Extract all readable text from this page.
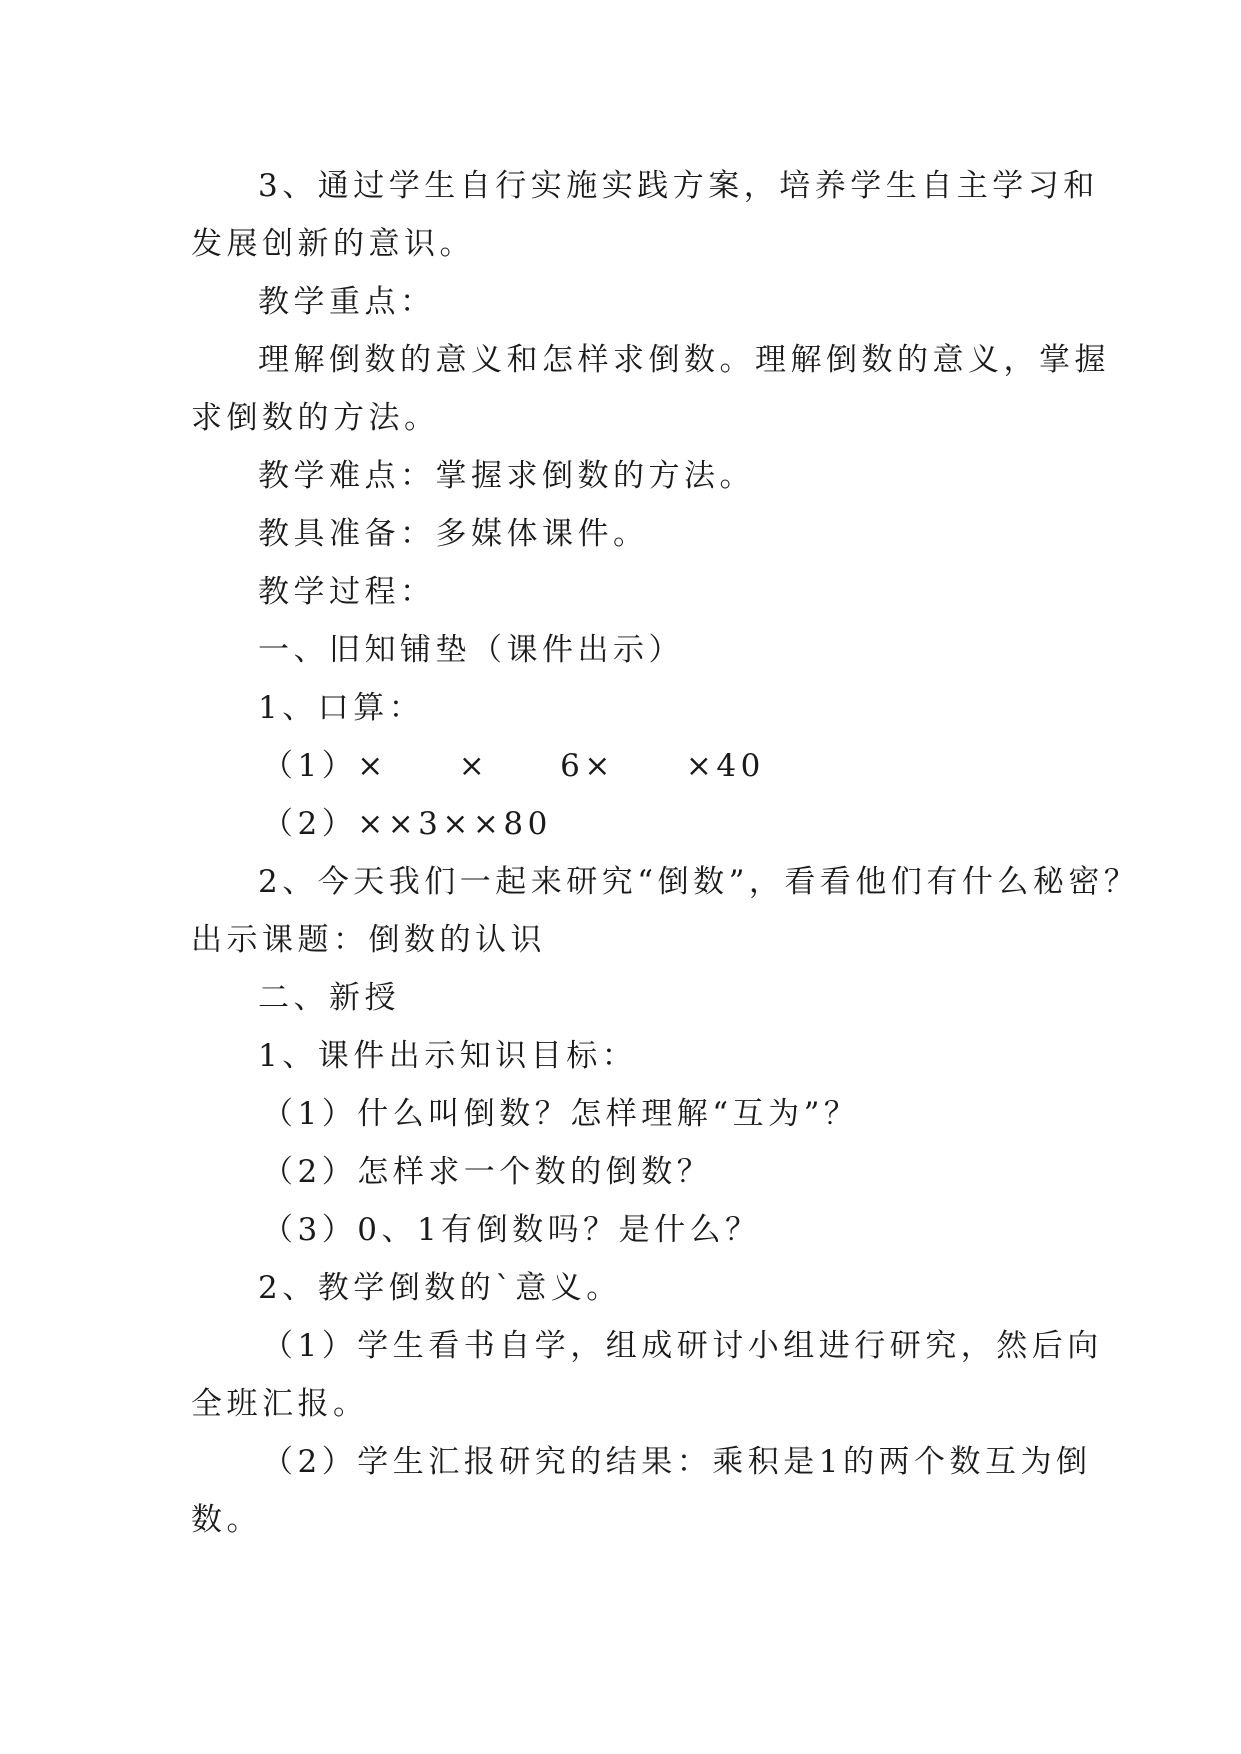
3、通过学生自行实施实践方案，培养学生自主学习和
发展创新的意识。
教学重点：
理解倒数的意义和怎样求倒数。理解倒数的意义，掌握
求倒数的方法。
教学难点：掌握求倒数的方法。
教具准备：多媒体课件。
教学过程：
一、旧知铺垫（课件出示）
1、口算：
（1）×　　×　　6×　　×40
（2）××3××80
2、今天我们一起来研究“倒数”，看看他们有什么秘密？
出示课题：倒数的认识
二、新授
1、课件出示知识目标：
（1）什么叫倒数？怎样理解“互为”？
（2）怎样求一个数的倒数？
（3）0、1有倒数吗？是什么？
2、教学倒数的`意义。
（1）学生看书自学，组成研讨小组进行研究，然后向
全班汇报。
（2）学生汇报研究的结果：乘积是1的两个数互为倒
数。
